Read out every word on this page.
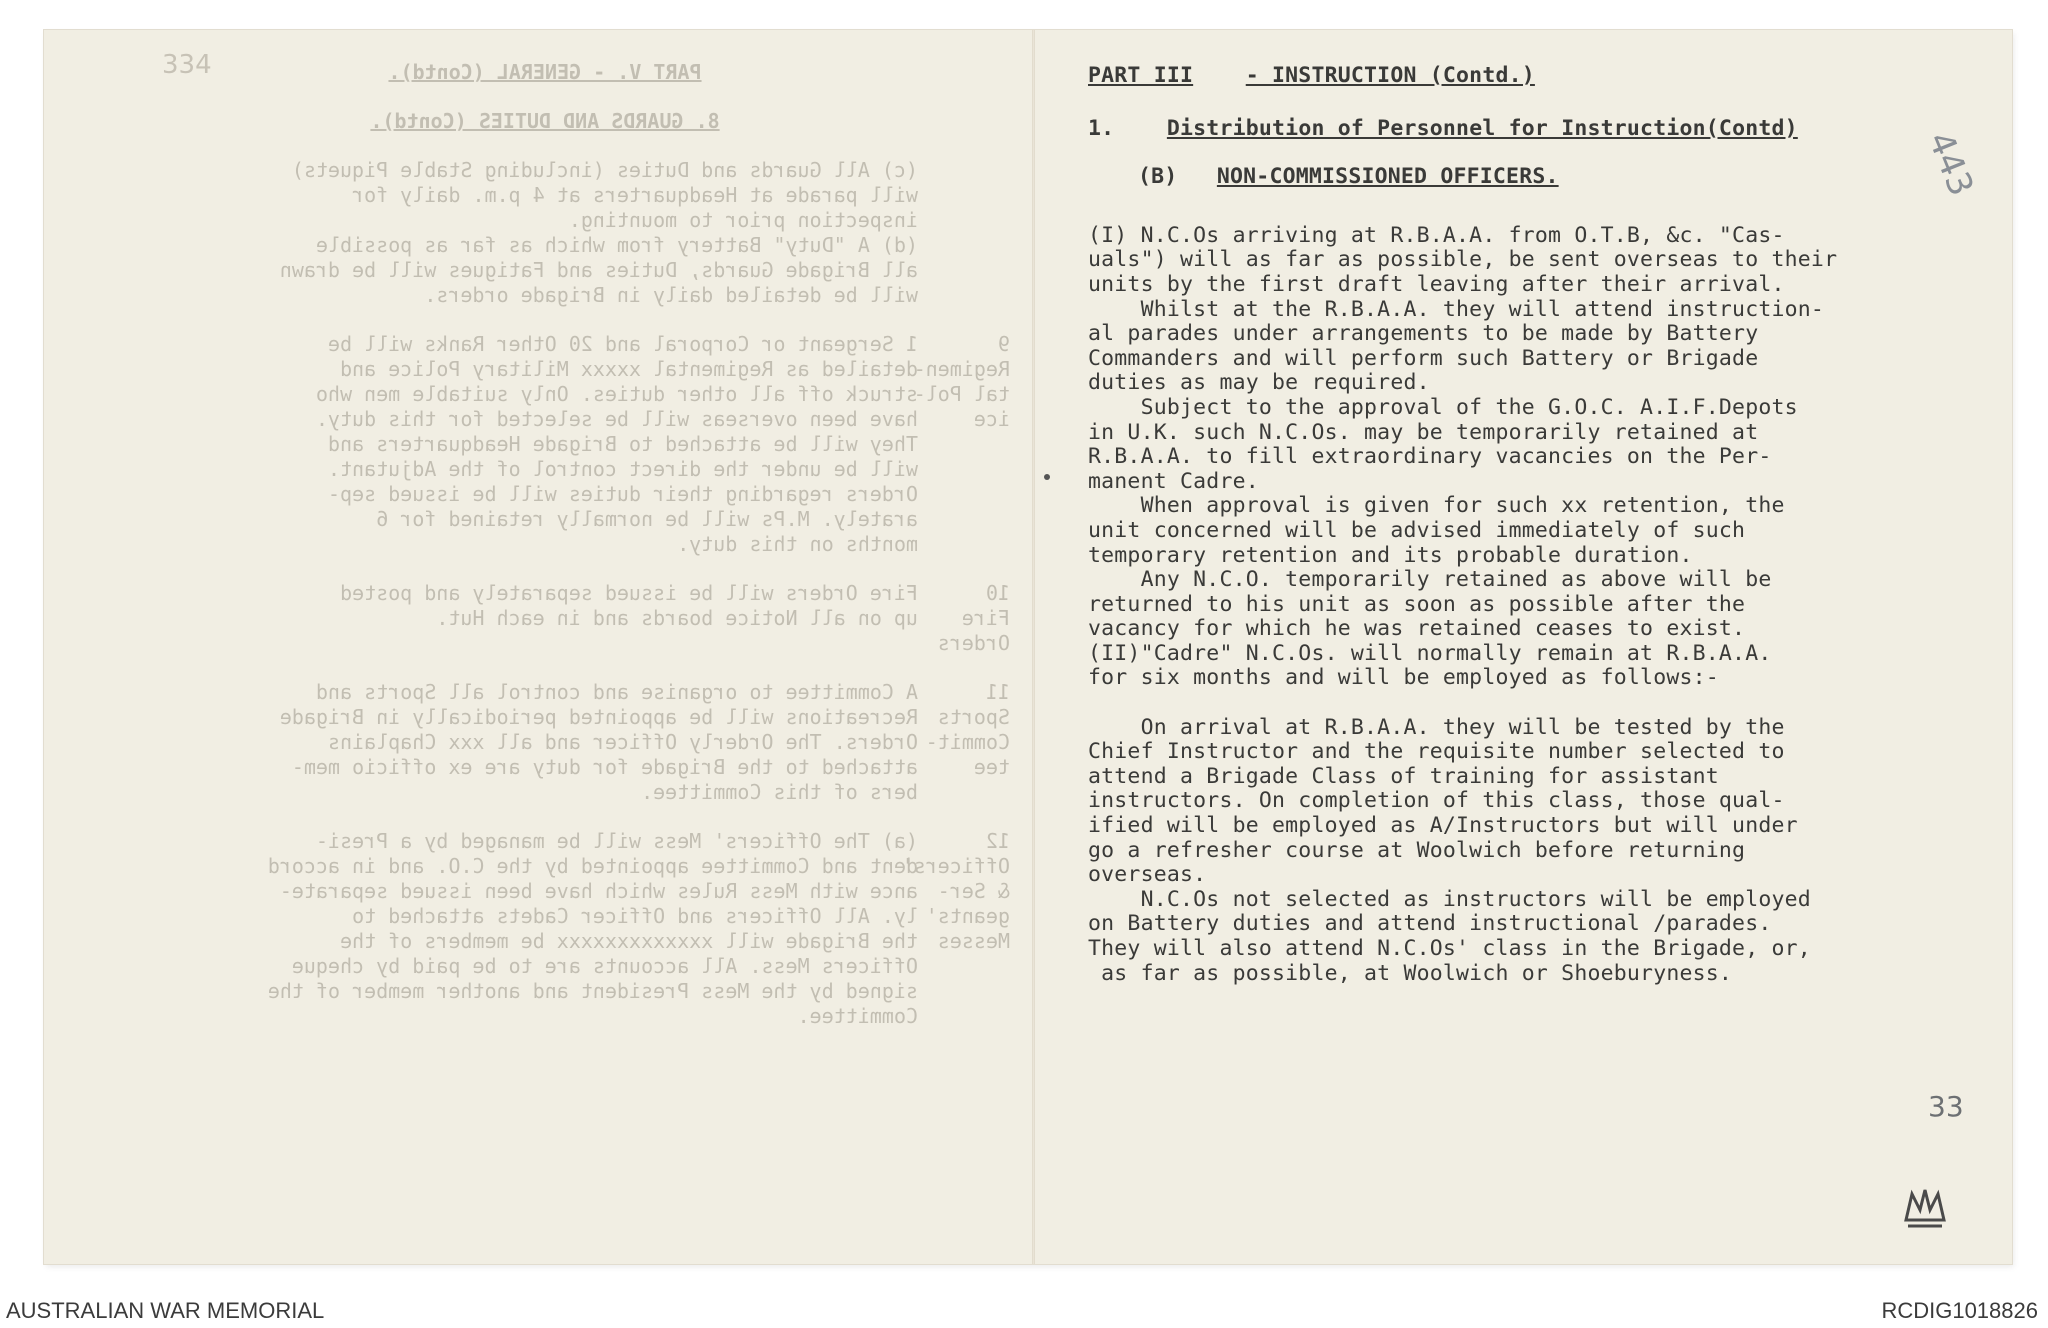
334	PART V. - GENERAL (Contd).
8. GUARDS AND DUTIES (Contd).
(c) All Guards and Duties (including Stable Piquets)
will parade at Headquarters at 4 p.m. daily for
inspection prior to mounting.
(d) A "Duty" Battery from which as far as possible
all Brigade Guards, Duties and Fatigues will be drawn
will be detailed daily in Brigade orders.
9
Regimen-
tal Pol-
ice
1 Sergeant or Corporal and 20 Other Ranks will be
detailed as Regimental xxxxx Military Police and
struck off all other duties. Only suitable men who
have been overseas will be selected for this duty.
They will be attached to Brigade Headquarters and
will be under the direct control of the Adjutant.
Orders regarding their duties will be issued sep-
arately. M.Ps will be normally retained for 6
months on this duty.
10
Fire
Orders
Fire Orders will be issued separately and posted
up on all Notice boards and in each Hut.
11
Sports
Commit-
tee
A Committee to organise and control all Sports and
Recreations will be appointed periodically in Brigade
Orders. The Orderly Officer and all xxx Chaplains
attached to the Brigade for duty are ex officio mem-
bers of this Committee.
12
Officers'
& Ser-
geants'
Messes
(a) The Officers' Mess will be managed by a Presi-
dent and Committee appointed by the C.O. and in accord
ance with Mess Rules which have been issued separate-
ly. All Officers and Officer Cadets attached to
the Brigade will xxxxxxxxxxxxx be members of the
Officers Mess. All accounts are to be paid by cheque
signed by the Mess President and another member of the
Committee.
PART III - INSTRUCTION (Contd.)
1. Distribution of Personnel for Instruction(Contd)
(B) NON-COMMISSIONED OFFICERS.

(I) N.C.Os arriving at R.B.A.A. from O.T.B, &c. "Cas-

uals") will as far as possible, be sent overseas to their

units by the first draft leaving after their arrival.

Whilst at the R.B.A.A. they will attend instruction-

al parades under arrangements to be made by Battery

Commanders and will perform such Battery or Brigade

duties as may be required.

Subject to the approval of the G.O.C. A.I.F.Depots

in U.K. such N.C.Os. may be temporarily retained at

R.B.A.A. to fill extraordinary vacancies on the Per-

manent Cadre.

When approval is given for such xx retention, the

unit concerned will be advised immediately of such

temporary retention and its probable duration.

Any N.C.O. temporarily retained as above will be

returned to his unit as soon as possible after the

vacancy for which he was retained ceases to exist.

(II)"Cadre" N.C.Os. will normally remain at R.B.A.A.

for six months and will be employed as follows:-

On arrival at R.B.A.A. they will be tested by the

Chief Instructor and the requisite number selected to

attend a Brigade Class of training for assistant

instructors. On completion of this class, those qual-

ified will be employed as A/Instructors but will under

go a refresher course at Woolwich before returning

overseas.

N.C.Os not selected as instructors will be employed

on Battery duties and attend instructional /parades.

They will also attend N.C.Os' class in the Brigade, or,

as far as possible, at Woolwich or Shoeburyness.

443
33
AUSTRALIAN WAR MEMORIAL	RCDIG1018826
